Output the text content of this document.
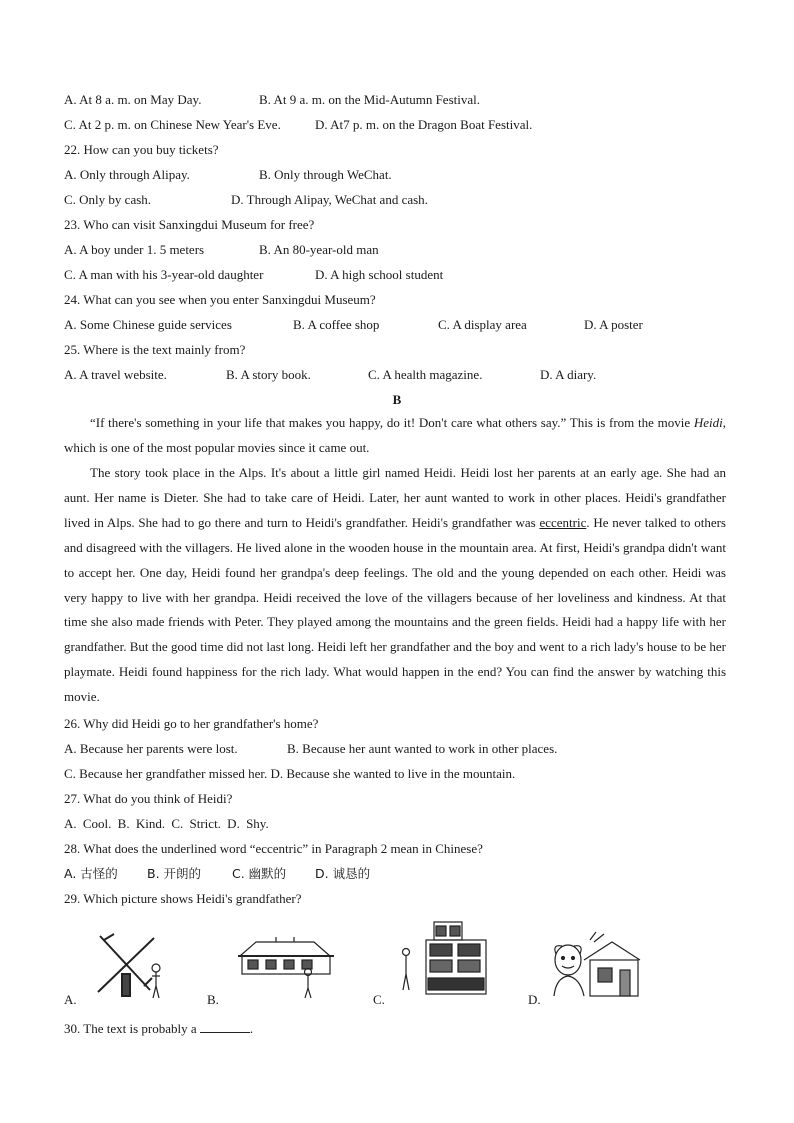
A. At 8 a. m. on May Day.	B. At 9 a. m. on the Mid-Autumn Festival.
C. At 2 p. m. on Chinese New Year's Eve.	D. At7 p. m. on the Dragon Boat Festival.
22. How can you buy tickets?
A. Only through Alipay.	B. Only through WeChat.
C. Only by cash.	D. Through Alipay, WeChat and cash.
23. Who can visit Sanxingdui Museum for free?
A. A boy under 1. 5 meters	B. An 80-year-old man
C. A man with his 3-year-old daughter	D. A high school student
24. What can you see when you enter Sanxingdui Museum?
A. Some Chinese guide services	B. A coffee shop	C. A display area	D. A poster
25. Where is the text mainly from?
A. A travel website.	B. A story book.	C. A health magazine.	D. A diary.
B
“If there's something in your life that makes you happy, do it! Don't care what others say.” This is from the movie Heidi, which is one of the most popular movies since it came out.
The story took place in the Alps. It's about a little girl named Heidi. Heidi lost her parents at an early age. She had an aunt. Her name is Dieter. She had to take care of Heidi. Later, her aunt wanted to work in other places. Heidi's grandfather lived in Alps. She had to go there and turn to Heidi's grandfather. Heidi's grandfather was eccentric. He never talked to others and disagreed with the villagers. He lived alone in the wooden house in the mountain area. At first, Heidi's grandpa didn't want to accept her. One day, Heidi found her grandpa's deep feelings. The old and the young depended on each other. Heidi was very happy to live with her grandpa. Heidi received the love of the villagers because of her loveliness and kindness. At that time she also made friends with Peter. They played among the mountains and the green fields. Heidi had a happy life with her grandfather. But the good time did not last long. Heidi left her grandfather and the boy and went to a rich lady's house to be her playmate. Heidi found happiness for the rich lady. What would happen in the end? You can find the answer by watching this movie.
26. Why did Heidi go to her grandfather's home?
A. Because her parents were lost.	B. Because her aunt wanted to work in other places.
C. Because her grandfather missed her. D. Because she wanted to live in the mountain.
27. What do you think of Heidi?
A. Cool. B. Kind. C. Strict. D. Shy.
28. What does the underlined word “eccentric” in Paragraph 2 mean in Chinese?
A. 古怪的 B. 开朗的 C. 幽默的 D. 诚恳的
29. Which picture shows Heidi's grandfather?
A.	B.	C.	D.
30. The text is probably a	.
